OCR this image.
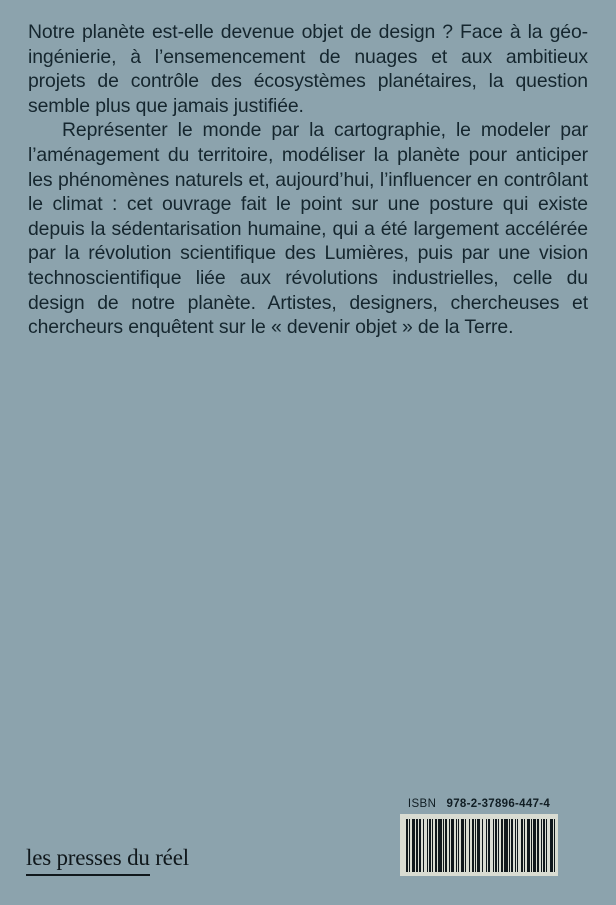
Notre planète est-elle devenue objet de design ? Face à la géo-ingénierie, à l’ensemencement de nuages et aux ambitieux projets de contrôle des écosystèmes planétaires, la question semble plus que jamais justifiée.

Représenter le monde par la cartographie, le modeler par l’aménagement du territoire, modéliser la planète pour anticiper les phénomènes naturels et, aujourd’hui, l’influencer en contrôlant le climat : cet ouvrage fait le point sur une posture qui existe depuis la sédentarisation humaine, qui a été largement accélérée par la révolution scientifique des Lumières, puis par une vision technoscientifique liée aux révolutions industrielles, celle du design de notre planète. Artistes, designers, chercheuses et chercheurs enquêtent sur le « devenir objet » de la Terre.

ISBN 978-2-37896-447-4
les presses du réel
